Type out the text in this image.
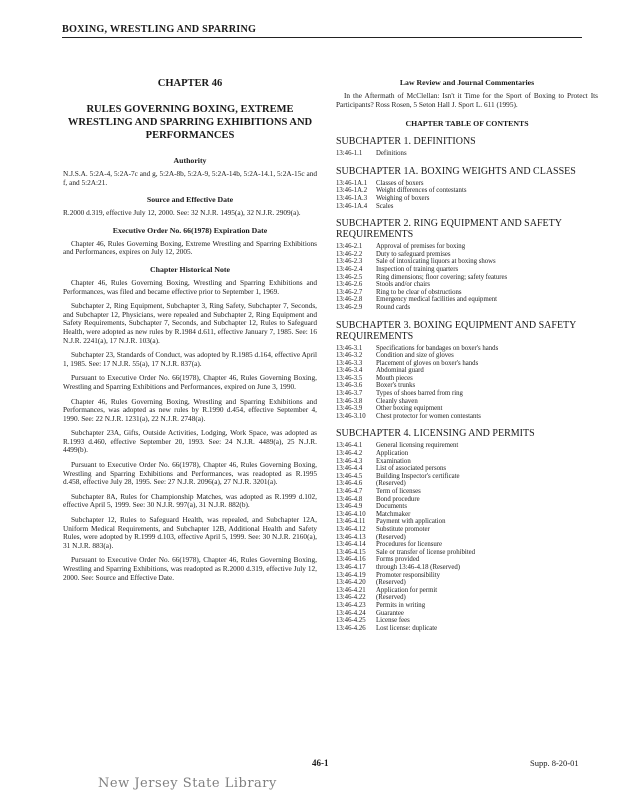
BOXING, WRESTLING AND SPARRING
CHAPTER 46
RULES GOVERNING BOXING, EXTREME WRESTLING AND SPARRING EXHIBITIONS AND PERFORMANCES
Authority
N.J.S.A. 5:2A-4, 5:2A-7c and g, 5:2A-8b, 5:2A-9, 5:2A-14b, 5:2A-14.1, 5:2A-15c and f, and 5:2A:21.
Source and Effective Date
R.2000 d.319, effective July 12, 2000. See: 32 N.J.R. 1495(a), 32 N.J.R. 2909(a).
Executive Order No. 66(1978) Expiration Date
Chapter 46, Rules Governing Boxing, Extreme Wrestling and Sparring Exhibitions and Performances, expires on July 12, 2005.
Chapter Historical Note
Chapter 46, Rules Governing Boxing, Wrestling and Sparring Exhibitions and Performances, was filed and became effective prior to September 1, 1969.
Subchapter 2, Ring Equipment, Subchapter 3, Ring Safety, Subchapter 7, Seconds, and Subchapter 12, Physicians, were repealed and Subchapter 2, Ring Equipment and Safety Requirements, Subchapter 7, Seconds, and Subchapter 12, Rules to Safeguard Health, were adopted as new rules by R.1984 d.611, effective January 7, 1985. See: 16 N.J.R. 2241(a), 17 N.J.R. 103(a).
Subchapter 23, Standards of Conduct, was adopted by R.1985 d.164, effective April 1, 1985. See: 17 N.J.R. 55(a), 17 N.J.R. 837(a).
Pursuant to Executive Order No. 66(1978), Chapter 46, Rules Governing Boxing, Wrestling and Sparring Exhibitions and Performances, expired on June 3, 1990.
Chapter 46, Rules Governing Boxing, Wrestling and Sparring Exhibitions and Performances, was adopted as new rules by R.1990 d.454, effective September 4, 1990. See: 22 N.J.R. 1231(a), 22 N.J.R. 2748(a).
Subchapter 23A, Gifts, Outside Activities, Lodging, Work Space, was adopted as R.1993 d.460, effective September 20, 1993. See: 24 N.J.R. 4489(a), 25 N.J.R. 4499(b).
Pursuant to Executive Order No. 66(1978), Chapter 46, Rules Governing Boxing, Wrestling and Sparring Exhibitions and Performances, was readopted as R.1995 d.458, effective July 28, 1995. See: 27 N.J.R. 2096(a), 27 N.J.R. 3201(a).
Subchapter 8A, Rules for Championship Matches, was adopted as R.1999 d.102, effective April 5, 1999. See: 30 N.J.R. 997(a), 31 N.J.R. 882(b).
Subchapter 12, Rules to Safeguard Health, was repealed, and Subchapter 12A, Uniform Medical Requirements, and Subchapter 12B, Additional Health and Safety Rules, were adopted by R.1999 d.103, effective April 5, 1999. See: 30 N.J.R. 2160(a), 31 N.J.R. 883(a).
Pursuant to Executive Order No. 66(1978), Chapter 46, Rules Governing Boxing, Wrestling and Sparring Exhibitions, was readopted as R.2000 d.319, effective July 12, 2000. See: Source and Effective Date.
Law Review and Journal Commentaries
In the Aftermath of McClellan: Isn't it Time for the Sport of Boxing to Protect Its Participants? Ross Rosen, 5 Seton Hall J. Sport L. 611 (1995).
CHAPTER TABLE OF CONTENTS
SUBCHAPTER 1. DEFINITIONS
13:46-1.1	Definitions
SUBCHAPTER 1A. BOXING WEIGHTS AND CLASSES
13:46-1A.1	Classes of boxers
13:46-1A.2	Weight differences of contestants
13:46-1A.3	Weighing of boxers
13:46-1A.4	Scales
SUBCHAPTER 2. RING EQUIPMENT AND SAFETY REQUIREMENTS
13:46-2.1	Approval of premises for boxing
13:46-2.2	Duty to safeguard premises
13:46-2.3	Sale of intoxicating liquors at boxing shows
13:46-2.4	Inspection of training quarters
13:46-2.5	Ring dimensions; floor covering; safety features
13:46-2.6	Stools and/or chairs
13:46-2.7	Ring to be clear of obstructions
13:46-2.8	Emergency medical facilities and equipment
13:46-2.9	Round cards
SUBCHAPTER 3. BOXING EQUIPMENT AND SAFETY REQUIREMENTS
13:46-3.1	Specifications for bandages on boxer's hands
13:46-3.2	Condition and size of gloves
13:46-3.3	Placement of gloves on boxer's hands
13:46-3.4	Abdominal guard
13:46-3.5	Mouth pieces
13:46-3.6	Boxer's trunks
13:46-3.7	Types of shoes barred from ring
13:46-3.8	Cleanly shaven
13:46-3.9	Other boxing equipment
13:46-3.10	Chest protector for women contestants
SUBCHAPTER 4. LICENSING AND PERMITS
13:46-4.1	General licensing requirement
13:46-4.2	Application
13:46-4.3	Examination
13:46-4.4	List of associated persons
13:46-4.5	Building Inspector's certificate
13:46-4.6	(Reserved)
13:46-4.7	Term of licenses
13:46-4.8	Bond procedure
13:46-4.9	Documents
13:46-4.10	Matchmaker
13:46-4.11	Payment with application
13:46-4.12	Substitute promoter
13:46-4.13	(Reserved)
13:46-4.14	Procedures for licensure
13:46-4.15	Sale or transfer of license prohibited
13:46-4.16	Forms provided
13:46-4.17	through 13:46-4.18 (Reserved)
13:46-4.19	Promoter responsibility
13:46-4.20	(Reserved)
13:46-4.21	Application for permit
13:46-4.22	(Reserved)
13:46-4.23	Permits in writing
13:46-4.24	Guarantee
13:46-4.25	License fees
13:46-4.26	Lost license: duplicate
46-1	Supp. 8-20-01
New Jersey State Library
